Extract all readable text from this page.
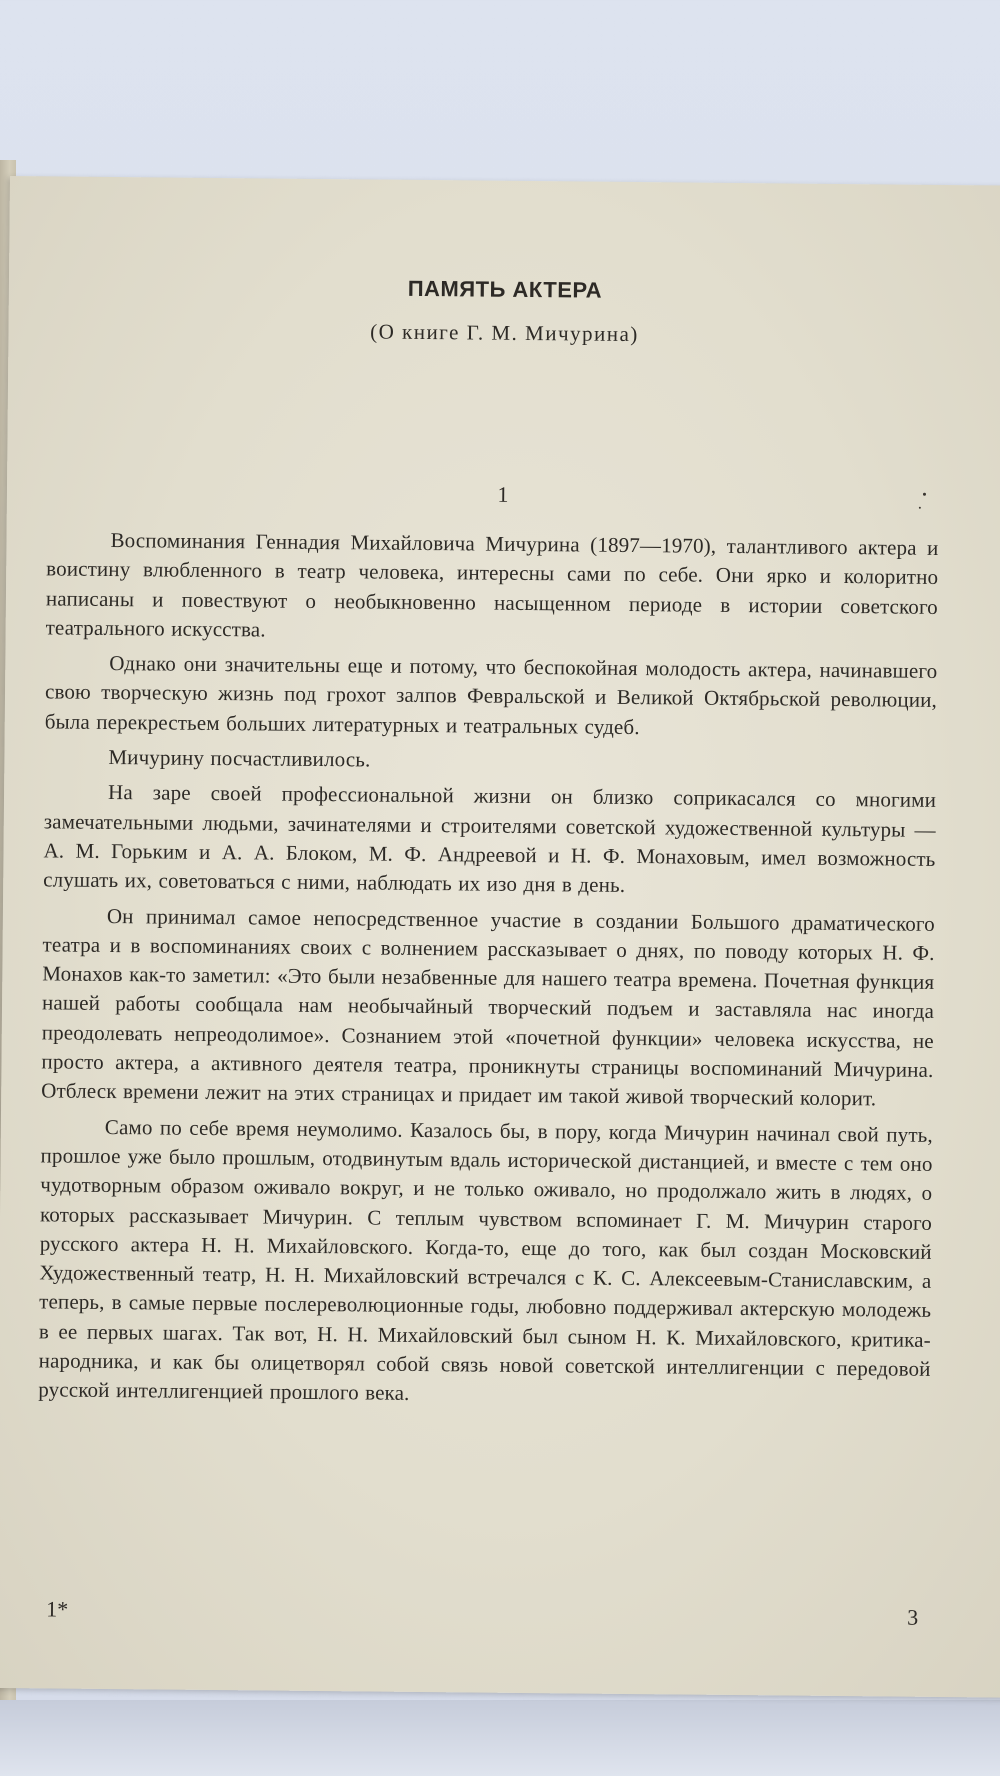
ПАМЯТЬ АКТЕРА

(О книге Г. М. Мичурина)

1

Воспоминания Геннадия Михайловича Мичурина (1897—1970), талантливого актера и воистину влюбленного в театр человека, интересны сами по себе. Они ярко и колоритно написаны и повествуют о необыкновенно насыщенном периоде в истории советского театрального искусства.

Однако они значительны еще и потому, что беспокойная молодость актера, начинавшего свою творческую жизнь под грохот залпов Февральской и Великой Октябрьской революции, была перекрестьем больших литературных и театральных судеб.

Мичурину посчастливилось.

На заре своей профессиональной жизни он близко соприкасался со многими замечательными людьми, зачинателями и строителями советской художественной культуры — А. М. Горьким и А. А. Блоком, М. Ф. Андреевой и Н. Ф. Монаховым, имел возможность слушать их, советоваться с ними, наблюдать их изо дня в день.

Он принимал самое непосредственное участие в создании Большого драматического театра и в воспоминаниях своих с волнением рассказывает о днях, по поводу которых Н. Ф. Монахов как-то заметил: «Это были незабвенные для нашего театра времена. Почетная функция нашей работы сообщала нам необычайный творческий подъем и заставляла нас иногда преодолевать непреодолимое». Сознанием этой «почетной функции» человека искусства, не просто актера, а активного деятеля театра, проникнуты страницы воспоминаний Мичурина. Отблеск времени лежит на этих страницах и придает им такой живой творческий колорит.

Само по себе время неумолимо. Казалось бы, в пору, когда Мичурин начинал свой путь, прошлое уже было прошлым, отодвинутым вдаль исторической дистанцией, и вместе с тем оно чудотворным образом оживало вокруг, и не только оживало, но продолжало жить в людях, о которых рассказывает Мичурин. С теплым чувством вспоминает Г. М. Мичурин старого русского актера Н. Н. Михайловского. Когда-то, еще до того, как был создан Московский Художественный театр, Н. Н. Михайловский встречался с К. С. Алексеевым-Станиславским, а теперь, в самые первые послереволюционные годы, любовно поддерживал актерскую молодежь в ее первых шагах. Так вот, Н. Н. Михайловский был сыном Н. К. Михайловского, критика-народника, и как бы олицетворял собой связь новой советской интеллигенции с передовой русской интеллигенцией прошлого века.

1*	3
